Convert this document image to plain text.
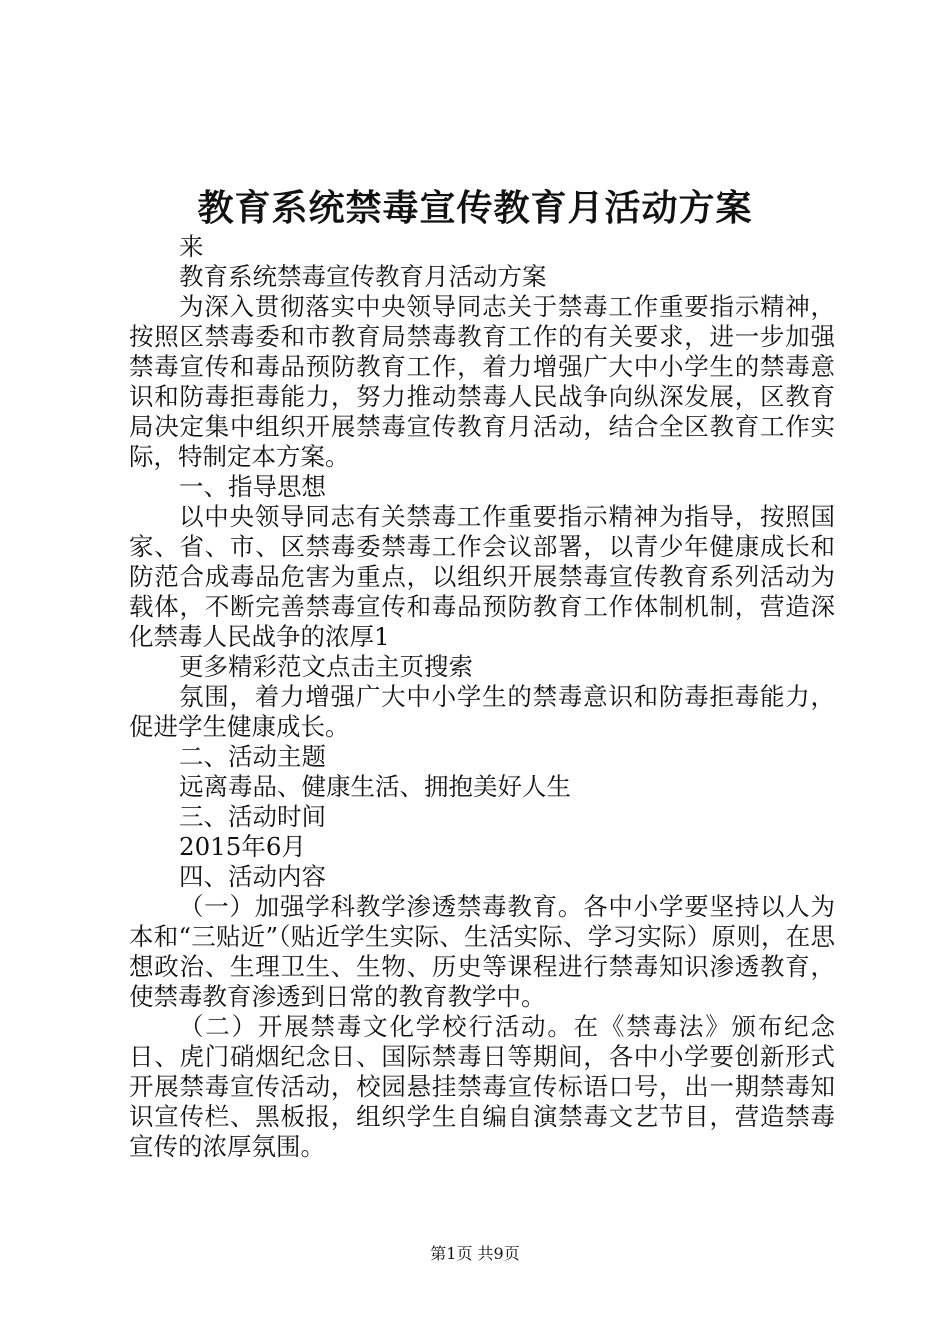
教育系统禁毒宣传教育月活动方案

来

教育系统禁毒宣传教育月活动方案

为深入贯彻落实中央领导同志关于禁毒工作重要指示精神，按照区禁毒委和市教育局禁毒教育工作的有关要求，进一步加强禁毒宣传和毒品预防教育工作，着力增强广大中小学生的禁毒意识和防毒拒毒能力，努力推动禁毒人民战争向纵深发展，区教育局决定集中组织开展禁毒宣传教育月活动，结合全区教育工作实际，特制定本方案。

一、指导思想

以中央领导同志有关禁毒工作重要指示精神为指导，按照国家、省、市、区禁毒委禁毒工作会议部署，以青少年健康成长和防范合成毒品危害为重点，以组织开展禁毒宣传教育系列活动为载体，不断完善禁毒宣传和毒品预防教育工作体制机制，营造深化禁毒人民战争的浓厚1

更多精彩范文点击主页搜索

氛围，着力增强广大中小学生的禁毒意识和防毒拒毒能力，促进学生健康成长。

二、活动主题

远离毒品、健康生活、拥抱美好人生

三、活动时间

2015年6月

四、活动内容

（一）加强学科教学渗透禁毒教育。各中小学要坚持以人为本和“三贴近”（贴近学生实际、生活实际、学习实际）原则，在思想政治、生理卫生、生物、历史等课程进行禁毒知识渗透教育，使禁毒教育渗透到日常的教育教学中。

（二）开展禁毒文化学校行活动。在《禁毒法》颁布纪念日、虎门硝烟纪念日、国际禁毒日等期间，各中小学要创新形式开展禁毒宣传活动，校园悬挂禁毒宣传标语口号，出一期禁毒知识宣传栏、黑板报，组织学生自编自演禁毒文艺节目，营造禁毒宣传的浓厚氛围。

第1页 共9页
